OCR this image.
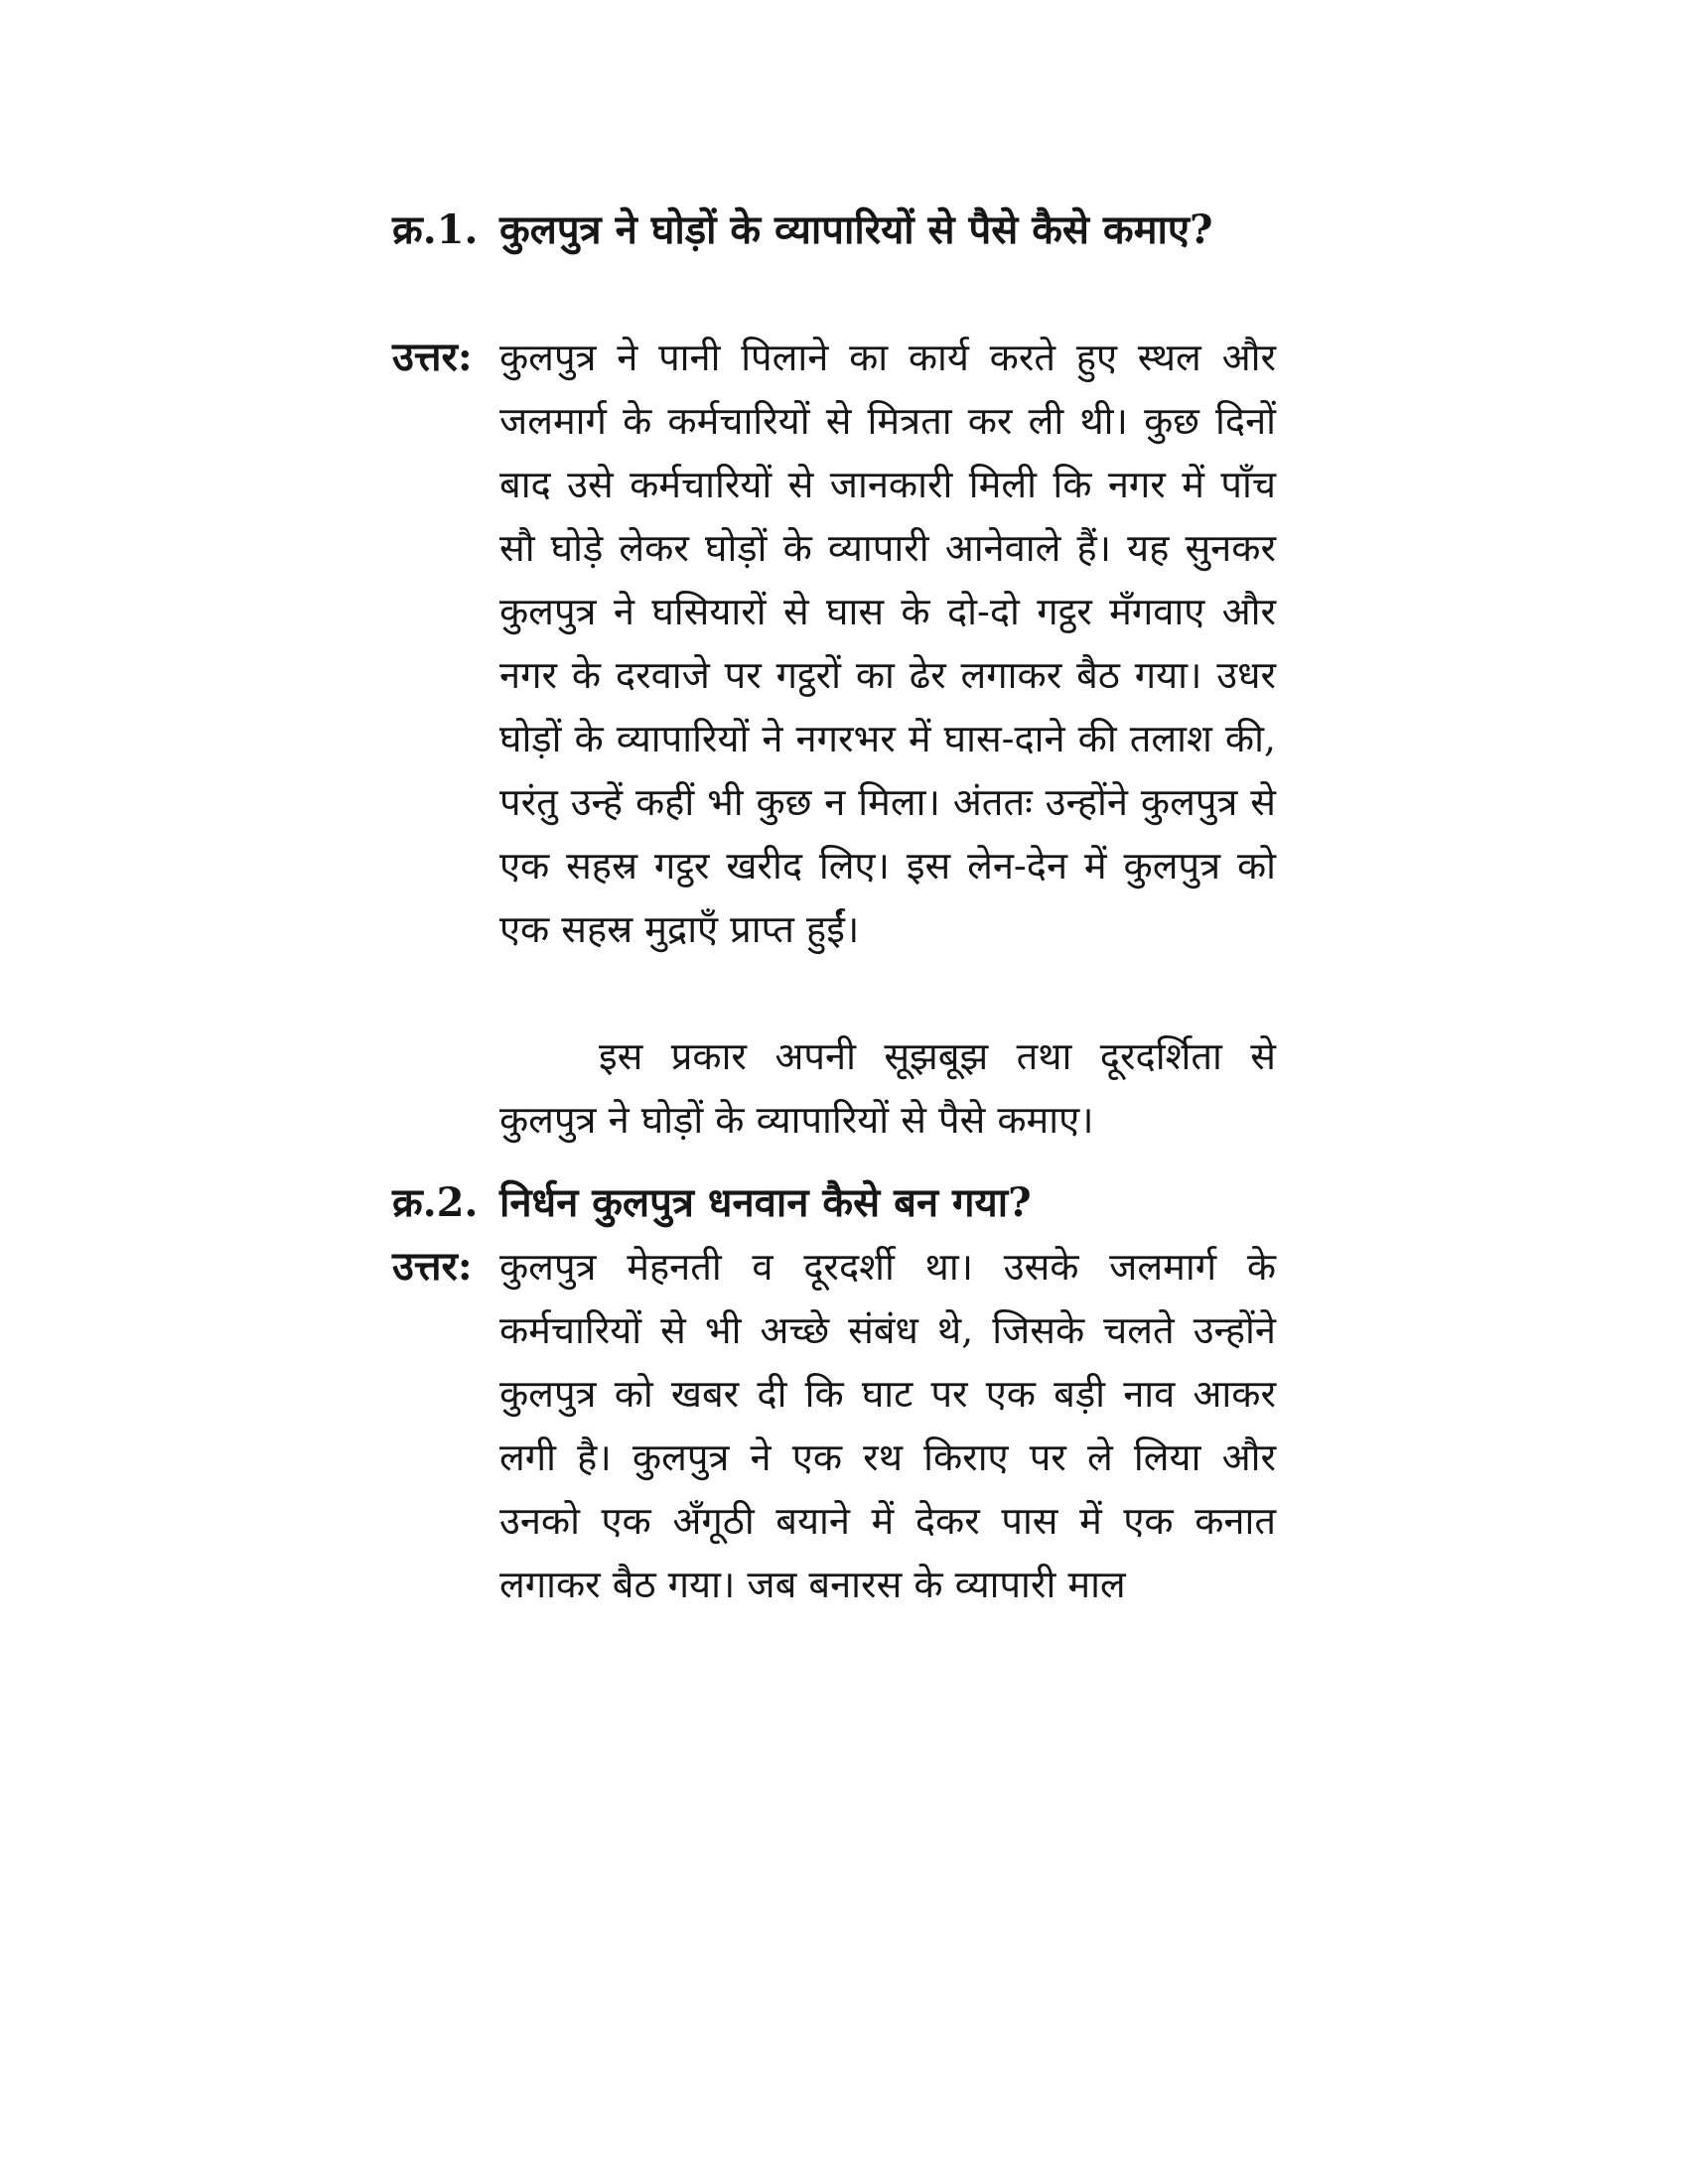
क्र.1. कुलपुत्र ने घोड़ों के व्यापारियों से पैसे कैसे कमाए?
उत्तर: कुलपुत्र ने पानी पिलाने का कार्य करते हुए स्थल और जलमार्ग के कर्मचारियों से मित्रता कर ली थी। कुछ दिनों बाद उसे कर्मचारियों से जानकारी मिली कि नगर में पाँच सौ घोड़े लेकर घोड़ों के व्यापारी आनेवाले हैं। यह सुनकर कुलपुत्र ने घसियारों से घास के दो-दो गट्ठर मँगवाए और नगर के दरवाजे पर गट्ठरों का ढेर लगाकर बैठ गया। उधर घोड़ों के व्यापारियों ने नगरभर में घास-दाने की तलाश की, परंतु उन्हें कहीं भी कुछ न मिला। अंततः उन्होंने कुलपुत्र से एक सहस्र गट्ठर खरीद लिए। इस लेन-देन में कुलपुत्र को एक सहस्र मुद्राएँ प्राप्त हुईं।
इस प्रकार अपनी सूझबूझ तथा दूरदर्शिता से कुलपुत्र ने घोड़ों के व्यापारियों से पैसे कमाए।
क्र.2. निर्धन कुलपुत्र धनवान कैसे बन गया?
उत्तर: कुलपुत्र मेहनती व दूरदर्शी था। उसके जलमार्ग के कर्मचारियों से भी अच्छे संबंध थे, जिसके चलते उन्होंने कुलपुत्र को खबर दी कि घाट पर एक बड़ी नाव आकर लगी है। कुलपुत्र ने एक रथ किराए पर ले लिया और उनको एक अँगूठी बयाने में देकर पास में एक कनात लगाकर बैठ गया। जब बनारस के व्यापारी माल
